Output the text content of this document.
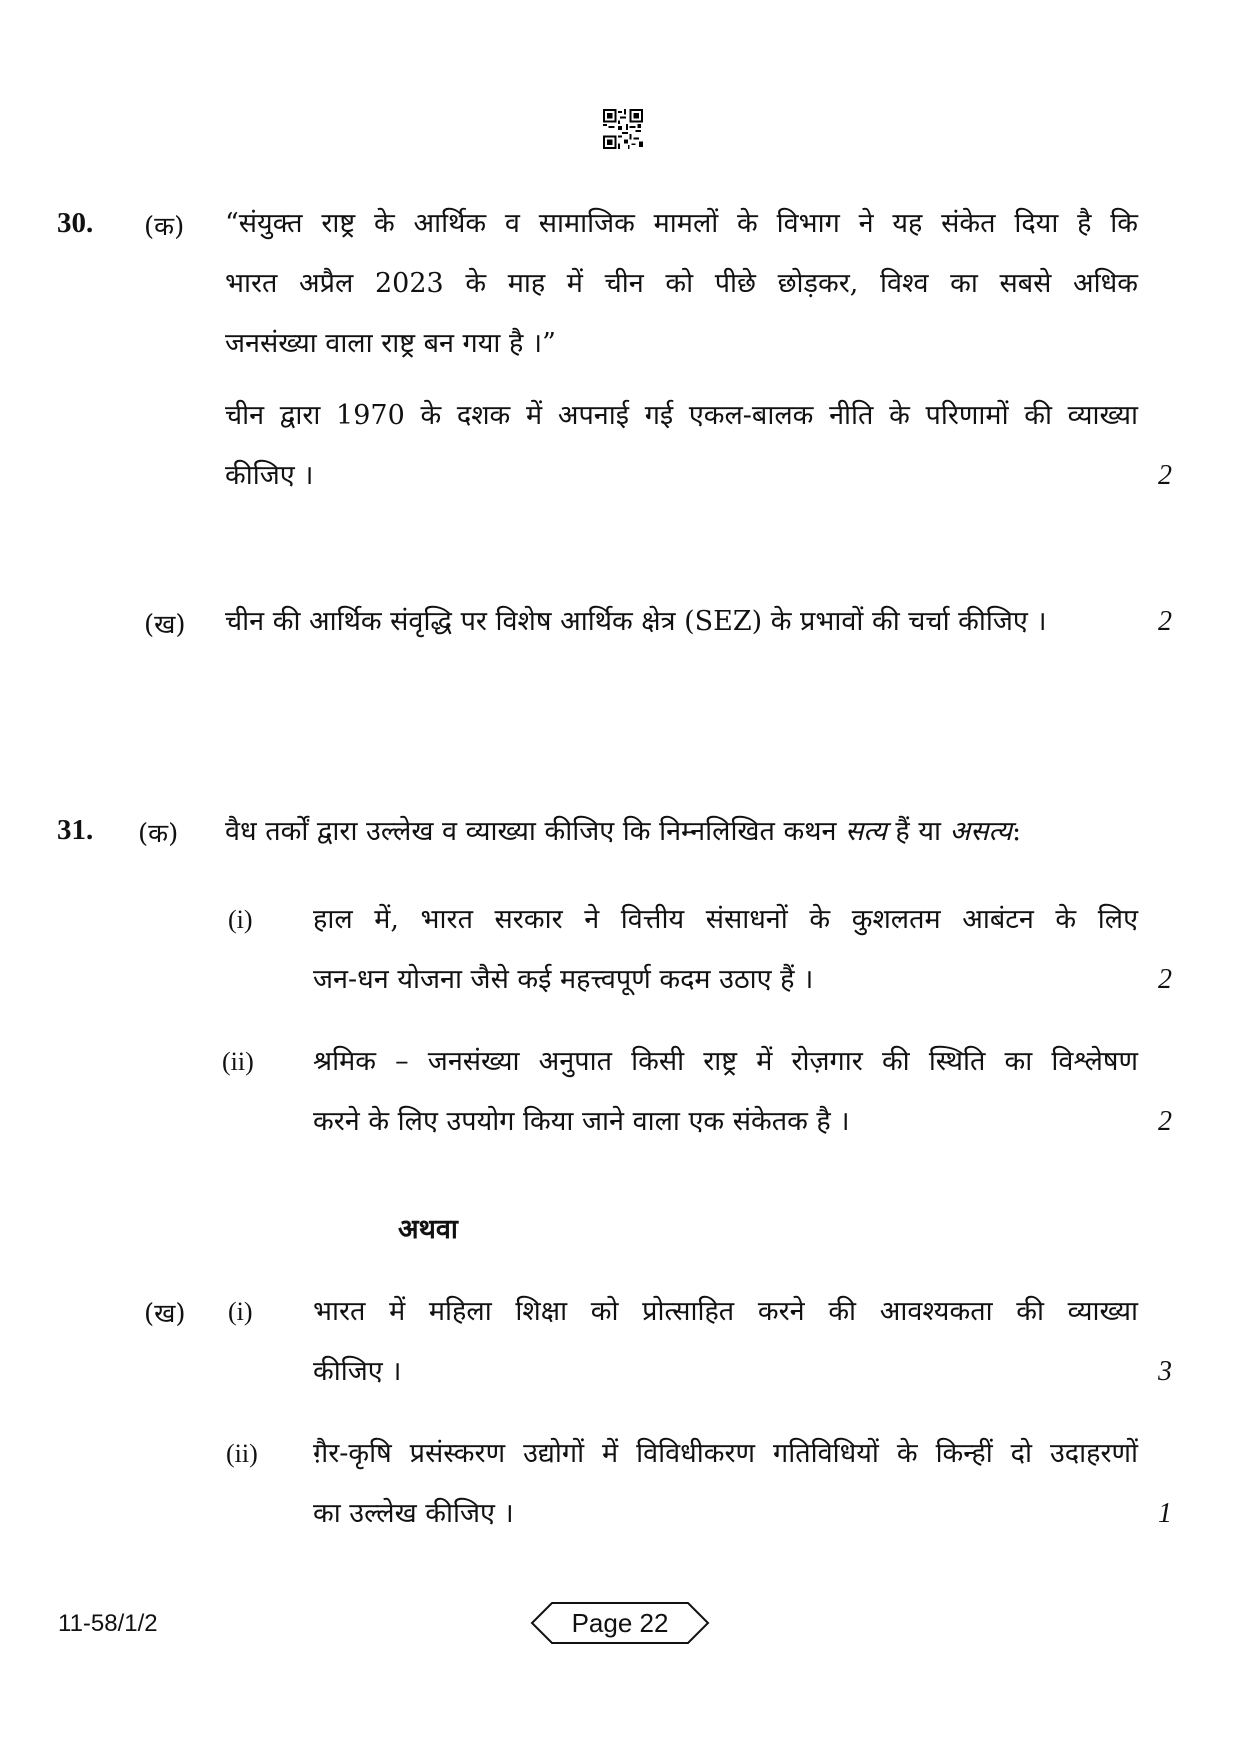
30. (क) “संयुक्त राष्ट्र के आर्थिक व सामाजिक मामलों के विभाग ने यह संकेत दिया है कि
भारत अप्रैल 2023 के माह में चीन को पीछे छोड़कर, विश्व का सबसे अधिक
जनसंख्या वाला राष्ट्र बन गया है ।”
चीन द्वारा 1970 के दशक में अपनाई गई एकल-बालक नीति के परिणामों की व्याख्या
कीजिए ।	2
(ख) चीन की आर्थिक संवृद्धि पर विशेष आर्थिक क्षेत्र (SEZ) के प्रभावों की चर्चा कीजिए ।	2
31. (क) वैध तर्कों द्वारा उल्लेख व व्याख्या कीजिए कि निम्नलिखित कथन सत्य हैं या असत्य:
(i) हाल में, भारत सरकार ने वित्तीय संसाधनों के कुशलतम आबंटन के लिए
जन-धन योजना जैसे कई महत्त्वपूर्ण कदम उठाए हैं ।	2
(ii) श्रमिक – जनसंख्या अनुपात किसी राष्ट्र में रोज़गार की स्थिति का विश्लेषण
करने के लिए उपयोग किया जाने वाला एक संकेतक है ।	2
अथवा
(ख) (i) भारत में महिला शिक्षा को प्रोत्साहित करने की आवश्यकता की व्याख्या
कीजिए ।	3
(ii) ग़ैर-कृषि प्रसंस्करण उद्योगों में विविधीकरण गतिविधियों के किन्हीं दो उदाहरणों
का उल्लेख कीजिए ।	1
11-58/1/2	Page 22
